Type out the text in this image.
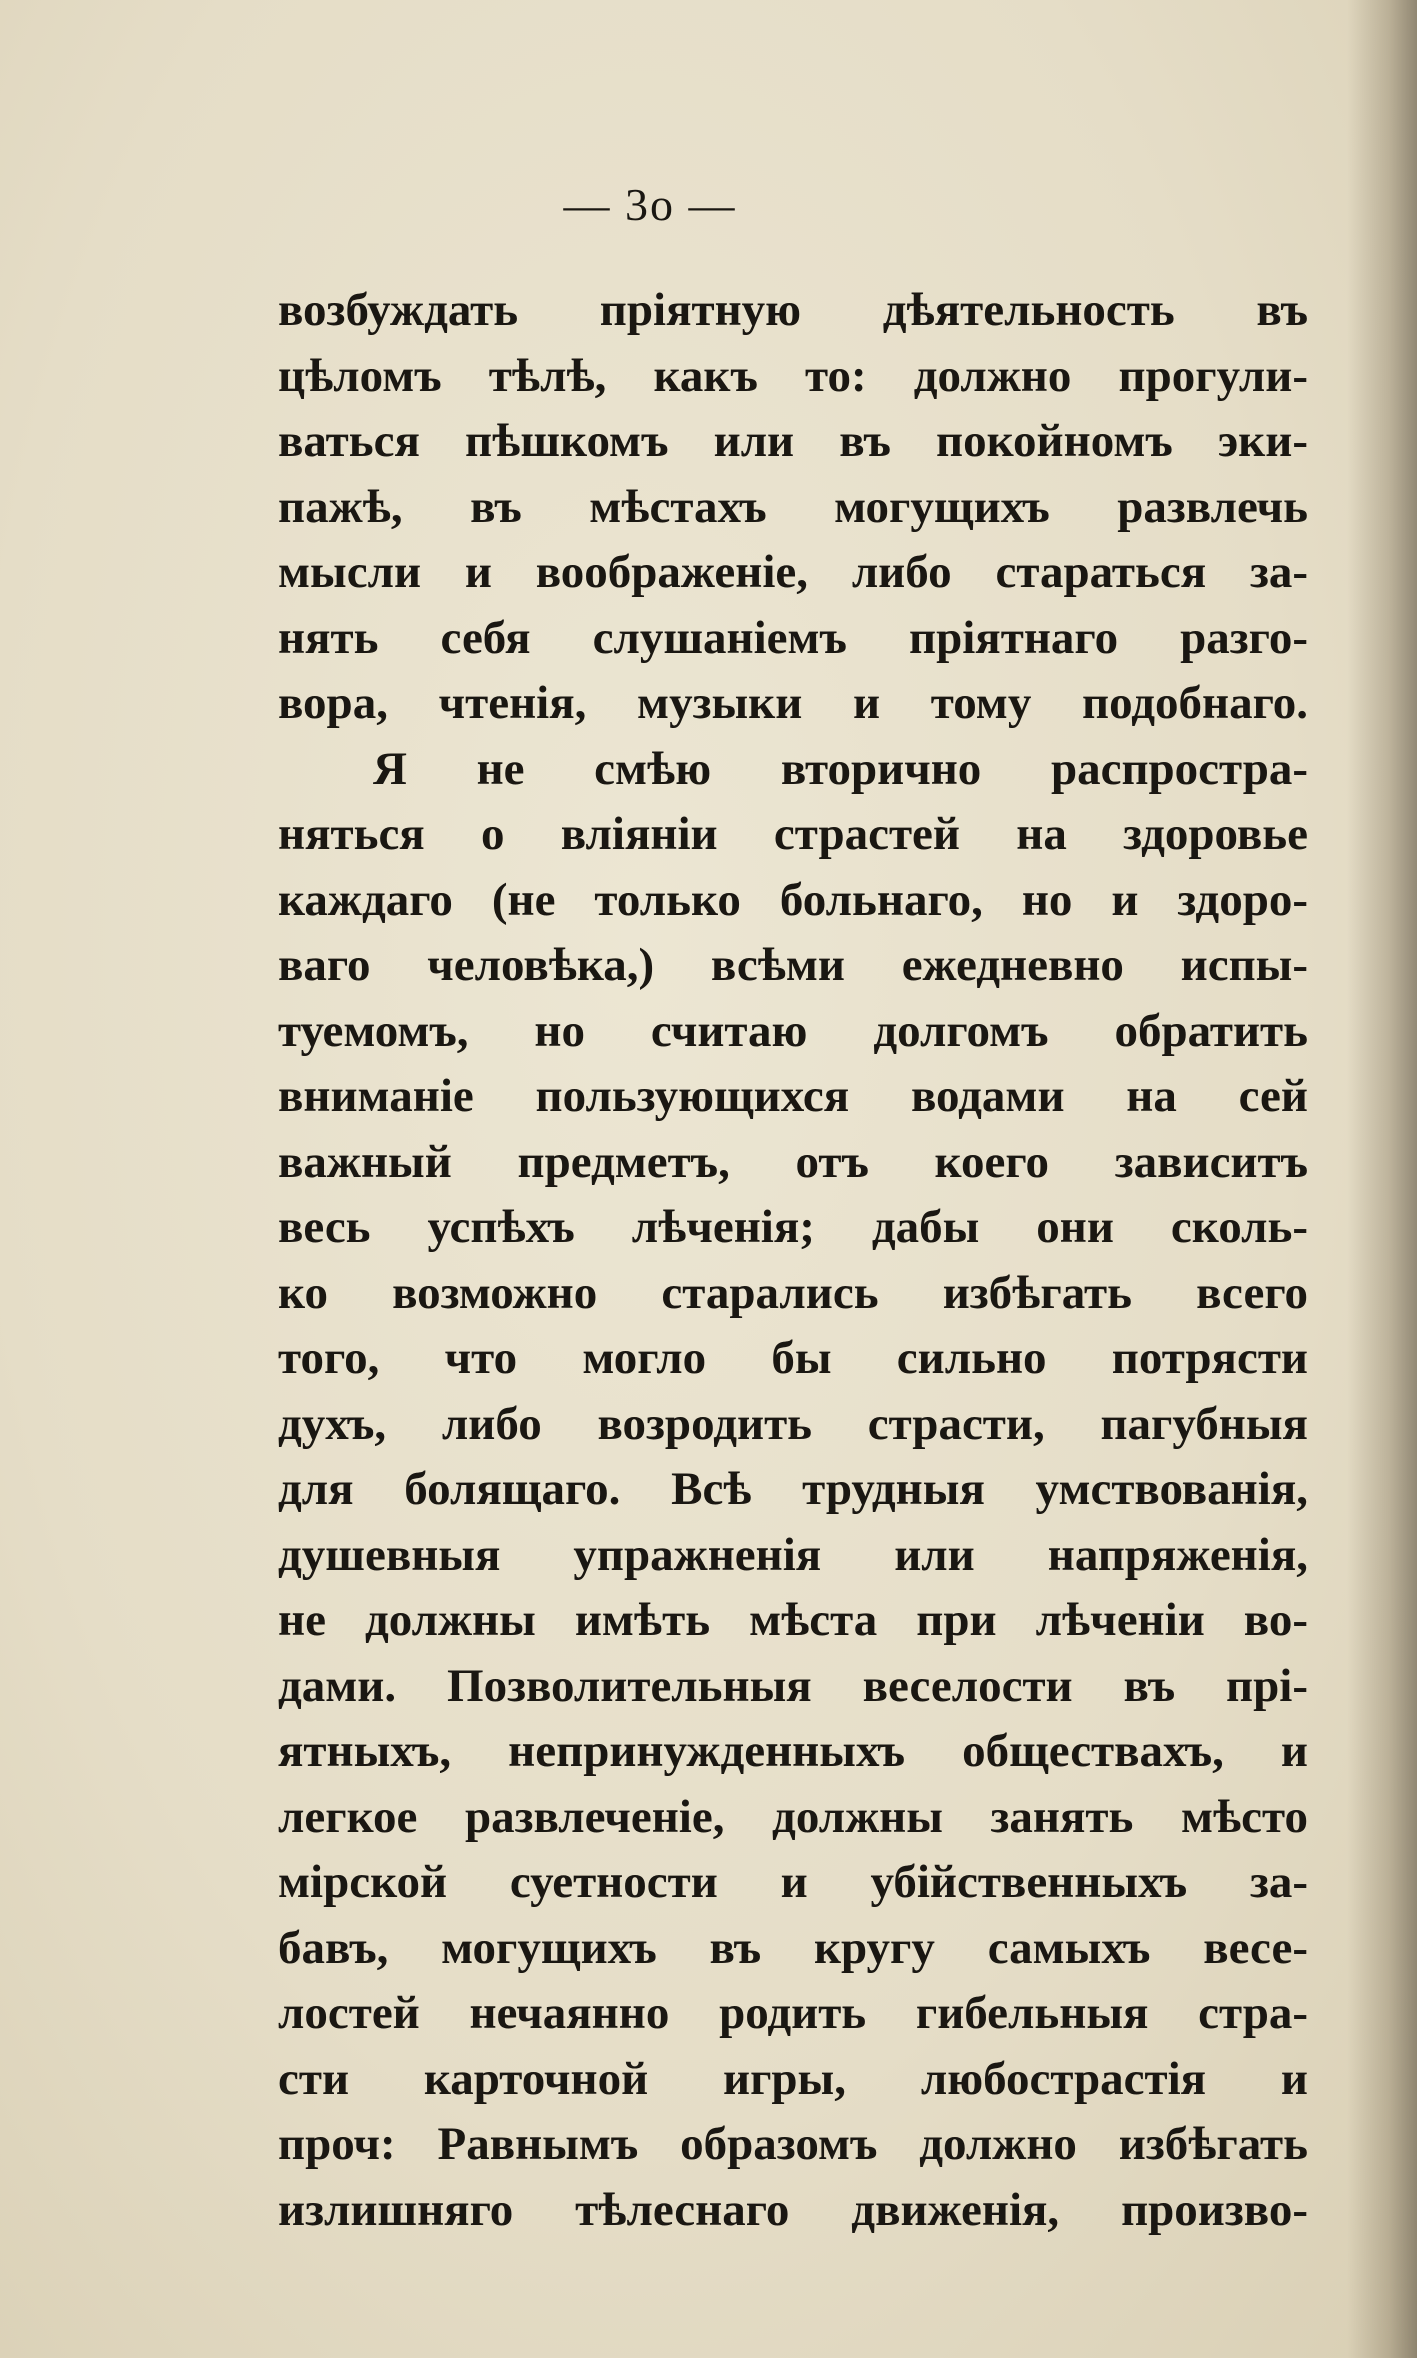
— 3о —
возбуждать пріятную дѣятельность въ
цѣломъ тѣлѣ, какъ то: должно прогули-
ваться пѣшкомъ или въ покойномъ эки-
пажѣ, въ мѣстахъ могущихъ развлечь
мысли и воображеніе, либо стараться за-
нять себя слушаніемъ пріятнаго разго-
вора, чтенія, музыки и тому подобнаго.
Я не смѣю вторично распростра-
няться о вліяніи страстей на здоровье
каждаго (не только больнаго, но и здоро-
ваго человѣка,) всѣми ежедневно испы-
туемомъ, но считаю долгомъ обратить
вниманіе пользующихся водами на сей
важный предметъ, отъ коего зависитъ
весь успѣхъ лѣченія; дабы они сколь-
ко возможно старались избѣгать всего
того, что могло бы сильно потрясти
духъ, либо возродить страсти, пагубныя
для болящаго. Всѣ трудныя умствованія,
душевныя упражненія или напряженія,
не должны имѣть мѣста при лѣченіи во-
дами. Позволительныя веселости въ прі-
ятныхъ, непринужденныхъ обществахъ, и
легкое развлеченіе, должны занять мѣсто
мірской суетности и убійственныхъ за-
бавъ, могущихъ въ кругу самыхъ весе-
лостей нечаянно родить гибельныя стра-
сти карточной игры, любострастія и
проч: Равнымъ образомъ должно избѣгать
излишняго тѣлеснаго движенія, произво-
